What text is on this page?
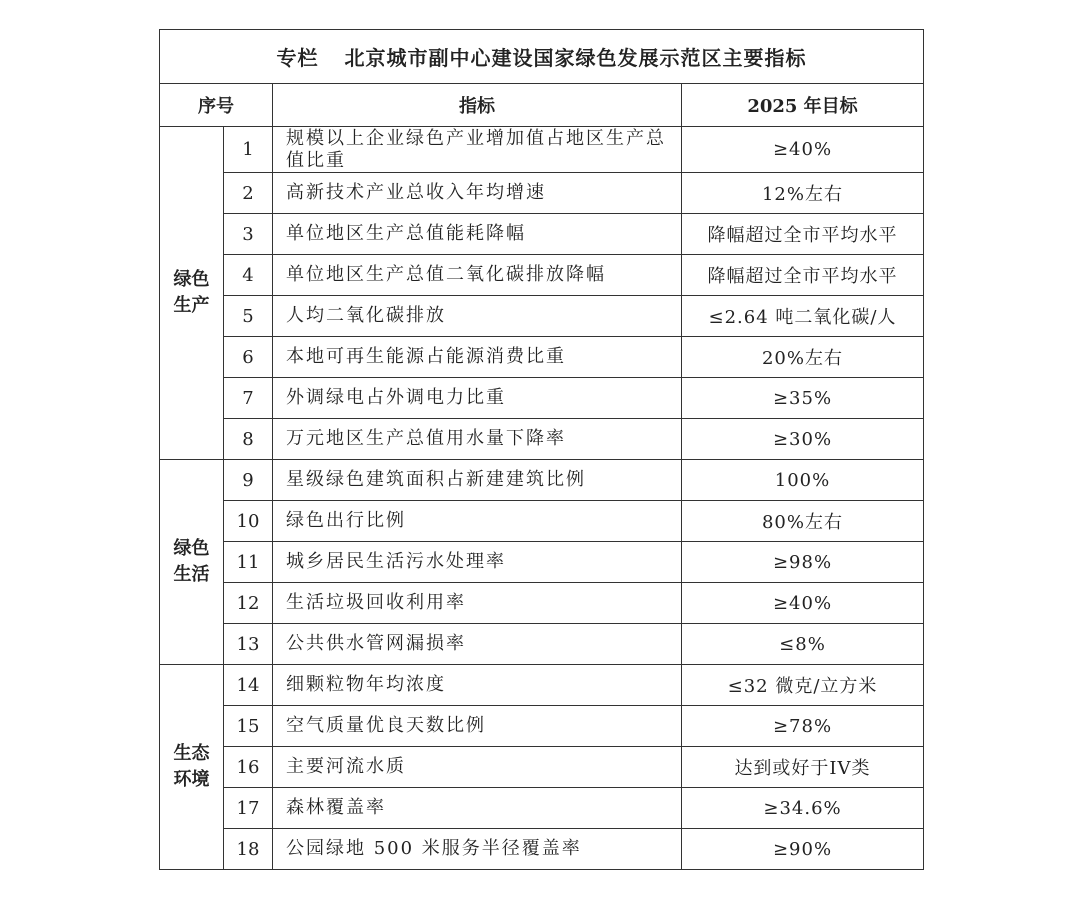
专栏 北京城市副中心建设国家绿色发展示范区主要指标			
序号		指标	2025 年目标
绿色生产	1	规模以上企业绿色产业增加值占地区生产总值比重	≥40%
	2	高新技术产业总收入年均增速	12%左右
	3	单位地区生产总值能耗降幅	降幅超过全市平均水平
	4	单位地区生产总值二氧化碳排放降幅	降幅超过全市平均水平
	5	人均二氧化碳排放	≤2.64 吨二氧化碳/人
	6	本地可再生能源占能源消费比重	20%左右
	7	外调绿电占外调电力比重	≥35%
	8	万元地区生产总值用水量下降率	≥30%
绿色生活	9	星级绿色建筑面积占新建建筑比例	100%
	10	绿色出行比例	80%左右
	11	城乡居民生活污水处理率	≥98%
	12	生活垃圾回收利用率	≥40%
	13	公共供水管网漏损率	≤8%
生态环境	14	细颗粒物年均浓度	≤32 微克/立方米
	15	空气质量优良天数比例	≥78%
	16	主要河流水质	达到或好于IV类
	17	森林覆盖率	≥34.6%
	18	公园绿地 500 米服务半径覆盖率	≥90%
